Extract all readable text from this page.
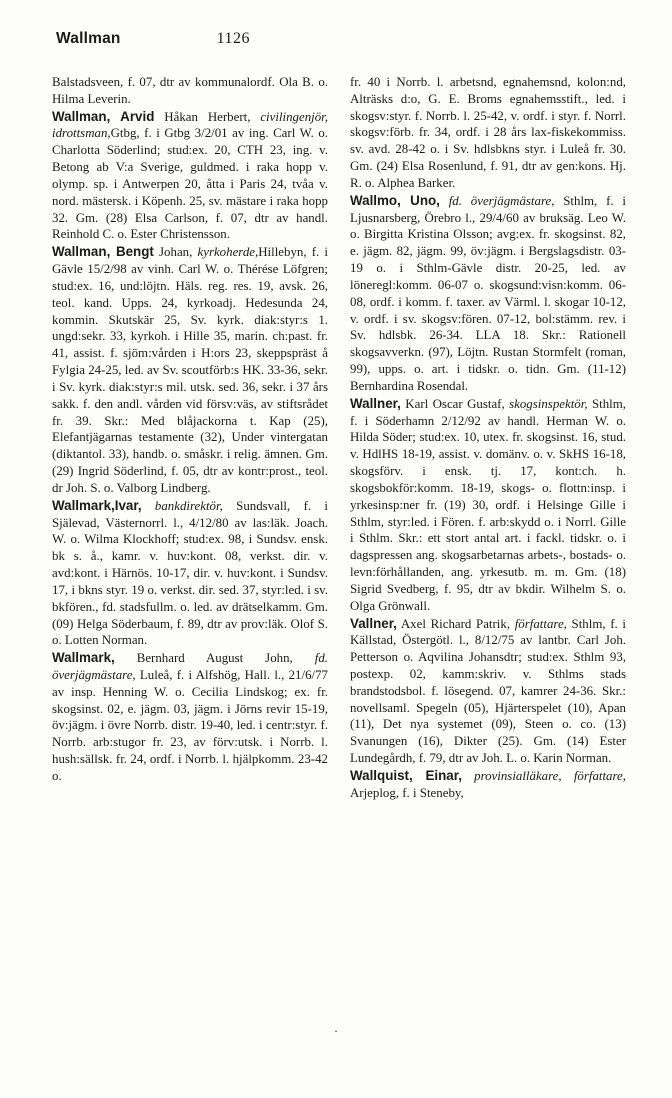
Wallman	1126

Balstadsveen, f. 07, dtr av kommunalordf. Ola B. o. Hilma Leverin.

Wallman, Arvid Håkan Herbert, civilingenjör, idrottsman,Gtbg, f. i Gtbg 3/2/01 av ing. Carl W. o. Charlotta Söderlind; stud:ex. 20, CTH 23, ing. v. Betong ab V:a Sverige, guldmed. i raka hopp v. olymp. sp. i Antwerpen 20, åtta i Paris 24, tvåa v. nord. mästersk. i Köpenh. 25, sv. mästare i raka hopp 32. Gm. (28) Elsa Carlson, f. 07, dtr av handl. Reinhold C. o. Ester Christensson.

Wallman, Bengt Johan, kyrkoherde,Hillebyn, f. i Gävle 15/2/98 av vinh. Carl W. o. Thérése Löfgren; stud:ex. 16, und:löjtn. Häls. reg. res. 19, avsk. 26, teol. kand. Upps. 24, kyrkoadj. Hedesunda 24, kommin. Skutskär 25, Sv. kyrk. diak:styr:s 1. ungd:sekr. 33, kyrkoh. i Hille 35, marin. ch:past. fr. 41, assist. f. sjöm:vården i H:ors 23, skeppspräst å Fylgia 24-25, led. av Sv. scoutförb:s HK. 33-36, sekr. i Sv. kyrk. diak:styr:s mil. utsk. sed. 36, sekr. i 37 års sakk. f. den andl. vården vid försv:väs, av stiftsrådet fr. 39. Skr.: Med blåjackorna t. Kap (25), Elefantjägarnas testamente (32), Under vintergatan (diktantol. 33), handb. o. småskr. i relig. ämnen. Gm. (29) Ingrid Söderlind, f. 05, dtr av kontr:prost., teol. dr Joh. S. o. Valborg Lindberg.

Wallmark,Ivar, bankdirektör, Sundsvall, f. i Själevad, Västernorrl. l., 4/12/80 av las:läk. Joach. W. o. Wilma Klockhoff; stud:ex. 98, i Sundsv. ensk. bk s. å., kamr. v. huv:kont. 08, verkst. dir. v. avd:kont. i Härnös. 10-17, dir. v. huv:kont. i Sundsv. 17, i bkns styr. 19 o. verkst. dir. sed. 37, styr:led. i sv. bkfören., fd. stadsfullm. o. led. av drätselkamm. Gm. (09) Helga Söderbaum, f. 89, dtr av prov:läk. Olof S. o. Lotten Norman.

Wallmark, Bernhard August John, fd. överjägmästare, Luleå, f. i Alfshög, Hall. l., 21/6/77 av insp. Henning W. o. Cecilia Lindskog; ex. fr. skogsinst. 02, e. jägm. 03, jägm. i Jörns revir 15-19, öv:jägm. i övre Norrb. distr. 19-40, led. i centr:styr. f. Norrb. arb:stugor fr. 23, av förv:utsk. i Norrb. l. hush:sällsk. fr. 24, ordf. i Norrb. l. hjälpkomm. 23-42 o.

fr. 40 i Norrb. l. arbetsnd, egnahemsnd, kolon:nd, Alträsks d:o, G. E. Broms egnahemsstift., led. i skogsv:styr. f. Norrb. l. 25-42, v. ordf. i styr. f. Norrl. skogsv:förb. fr. 34, ordf. i 28 års lax-fiskekommiss. sv. avd. 28-42 o. i Sv. hdlsbkns styr. i Luleå fr. 30. Gm. (24) Elsa Rosenlund, f. 91, dtr av gen:kons. Hj. R. o. Alphea Barker.

Wallmo, Uno, fd. överjägmästare, Sthlm, f. i Ljusnarsberg, Örebro l., 29/4/60 av bruksäg. Leo W. o. Birgitta Kristina Olsson; avg:ex. fr. skogsinst. 82, e. jägm. 82, jägm. 99, öv:jägm. i Bergslagsdistr. 03-19 o. i Sthlm-Gävle distr. 20-25, led. av löneregl:komm. 06-07 o. skogsund:visn:komm. 06-08, ordf. i komm. f. taxer. av Värml. l. skogar 10-12, v. ordf. i sv. skogsv:fören. 07-12, bol:stämm. rev. i Sv. hdlsbk. 26-34. LLA 18. Skr.: Rationell skogsavverkn. (97), Löjtn. Rustan Stormfelt (roman, 99), upps. o. art. i tidskr. o. tidn. Gm. (11-12) Bernhardina Rosendal.

Wallner, Karl Oscar Gustaf, skogsinspektör, Sthlm, f. i Söderhamn 2/12/92 av handl. Herman W. o. Hilda Söder; stud:ex. 10, utex. fr. skogsinst. 16, stud. v. HdlHS 18-19, assist. v. domänv. o. v. SkHS 16-18, skogsförv. i ensk. tj. 17, kont:ch. h. skogsbokför:komm. 18-19, skogs- o. flottn:insp. i yrkesinsp:ner fr. (19) 30, ordf. i Helsinge Gille i Sthlm, styr:led. i Fören. f. arb:skydd o. i Norrl. Gille i Sthlm. Skr.: ett stort antal art. i fackl. tidskr. o. i dagspressen ang. skogsarbetarnas arbets-, bostads- o. levn:förhållanden, ang. yrkesutb. m. m. Gm. (18) Sigrid Svedberg, f. 95, dtr av bkdir. Wilhelm S. o. Olga Grönwall.

Vallner, Axel Richard Patrik, författare, Sthlm, f. i Källstad, Östergötl. l., 8/12/75 av lantbr. Carl Joh. Petterson o. Aqvilina Johansdtr; stud:ex. Sthlm 93, postexp. 02, kamm:skriv. v. Sthlms stads brandstodsbol. f. lösegend. 07, kamrer 24-36. Skr.: novellsaml. Spegeln (05), Hjärterspelet (10), Apan (11), Det nya systemet (09), Steen o. co. (13) Svanungen (16), Dikter (25). Gm. (14) Ester Lundegårdh, f. 79, dtr av Joh. L. o. Karin Norman.

Wallquist, Einar, provinsialläkare, författare, Arjeplog, f. i Steneby,

.
